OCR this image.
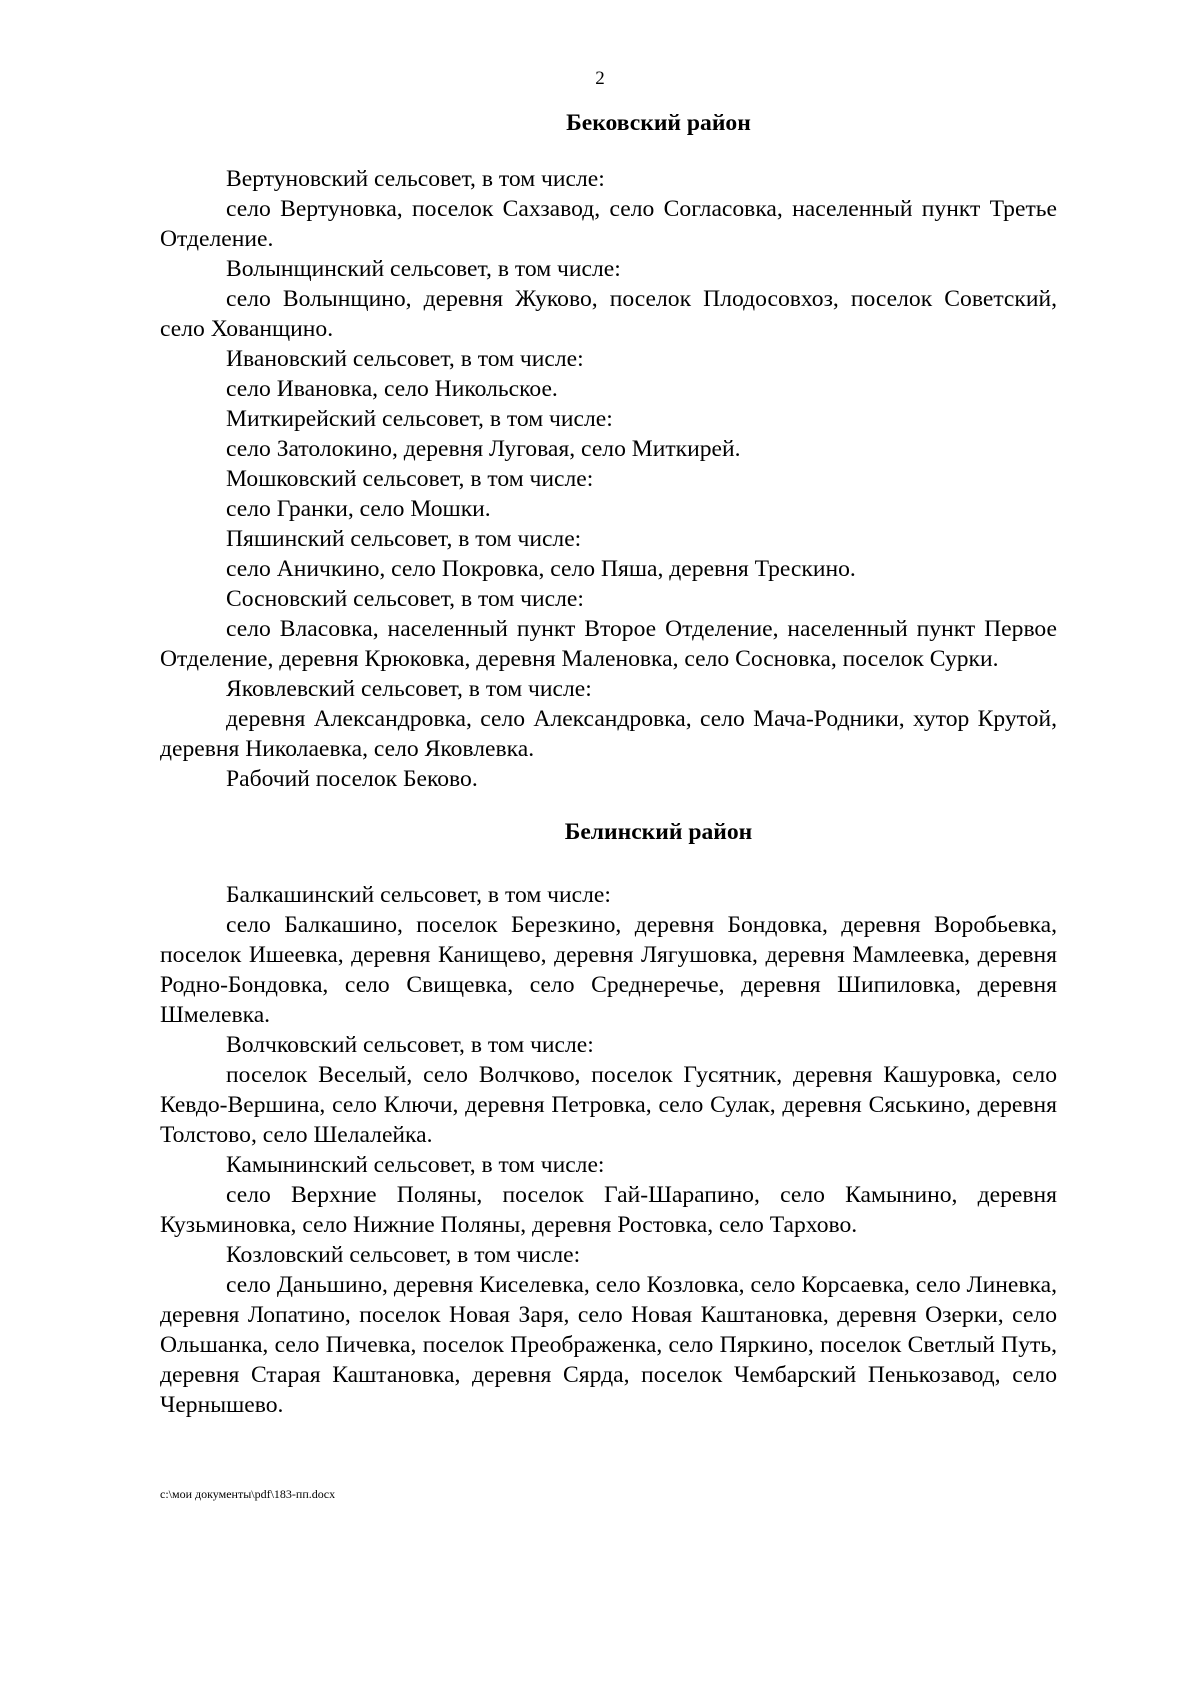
2
Бековский район

Вертуновский сельсовет, в том числе:

село Вертуновка, поселок Сахзавод, село Согласовка, населенный пункт Третье Отделение.

Волынщинский сельсовет, в том числе:

село Волынщино, деревня Жуково, поселок Плодосовхоз, поселок Советский, село Хованщино.

Ивановский сельсовет, в том числе:

село Ивановка, село Никольское.

Миткирейский сельсовет, в том числе:

село Затолокино, деревня Луговая, село Миткирей.

Мошковский сельсовет, в том числе:

село Гранки, село Мошки.

Пяшинский сельсовет, в том числе:

село Аничкино, село Покровка, село Пяша, деревня Трескино.

Сосновский сельсовет, в том числе:

село Власовка, населенный пункт Второе Отделение, населенный пункт Первое Отделение, деревня Крюковка, деревня Маленовка, село Сосновка, поселок Сурки.

Яковлевский сельсовет, в том числе:

деревня Александровка, село Александровка, село Мача-Родники, хутор Крутой, деревня Николаевка, село Яковлевка.

Рабочий поселок Беково.

Белинский район

Балкашинский сельсовет, в том числе:

село Балкашино, поселок Березкино, деревня Бондовка, деревня Воробьевка, поселок Ишеевка, деревня Канищево, деревня Лягушовка, деревня Мамлеевка, деревня Родно-Бондовка, село Свищевка, село Среднеречье, деревня Шипиловка, деревня Шмелевка.

Волчковский сельсовет, в том числе:

поселок Веселый, село Волчково, поселок Гусятник, деревня Кашуровка, село Кевдо-Вершина, село Ключи, деревня Петровка, село Сулак, деревня Сяськино, деревня Толстово, село Шелалейка.

Камынинский сельсовет, в том числе:

село Верхние Поляны, поселок Гай-Шарапино, село Камынино, деревня Кузьминовка, село Нижние Поляны, деревня Ростовка, село Тархово.

Козловский сельсовет, в том числе:

село Даньшино, деревня Киселевка, село Козловка, село Корсаевка, село Линевка, деревня Лопатино, поселок Новая Заря, село Новая Каштановка, деревня Озерки, село Ольшанка, село Пичевка, поселок Преображенка, село Пяркино, поселок Светлый Путь, деревня Старая Каштановка, деревня Сярда, поселок Чембарский Пенькозавод, село Чернышево.

c:\мои документы\pdf\183-пп.docx
